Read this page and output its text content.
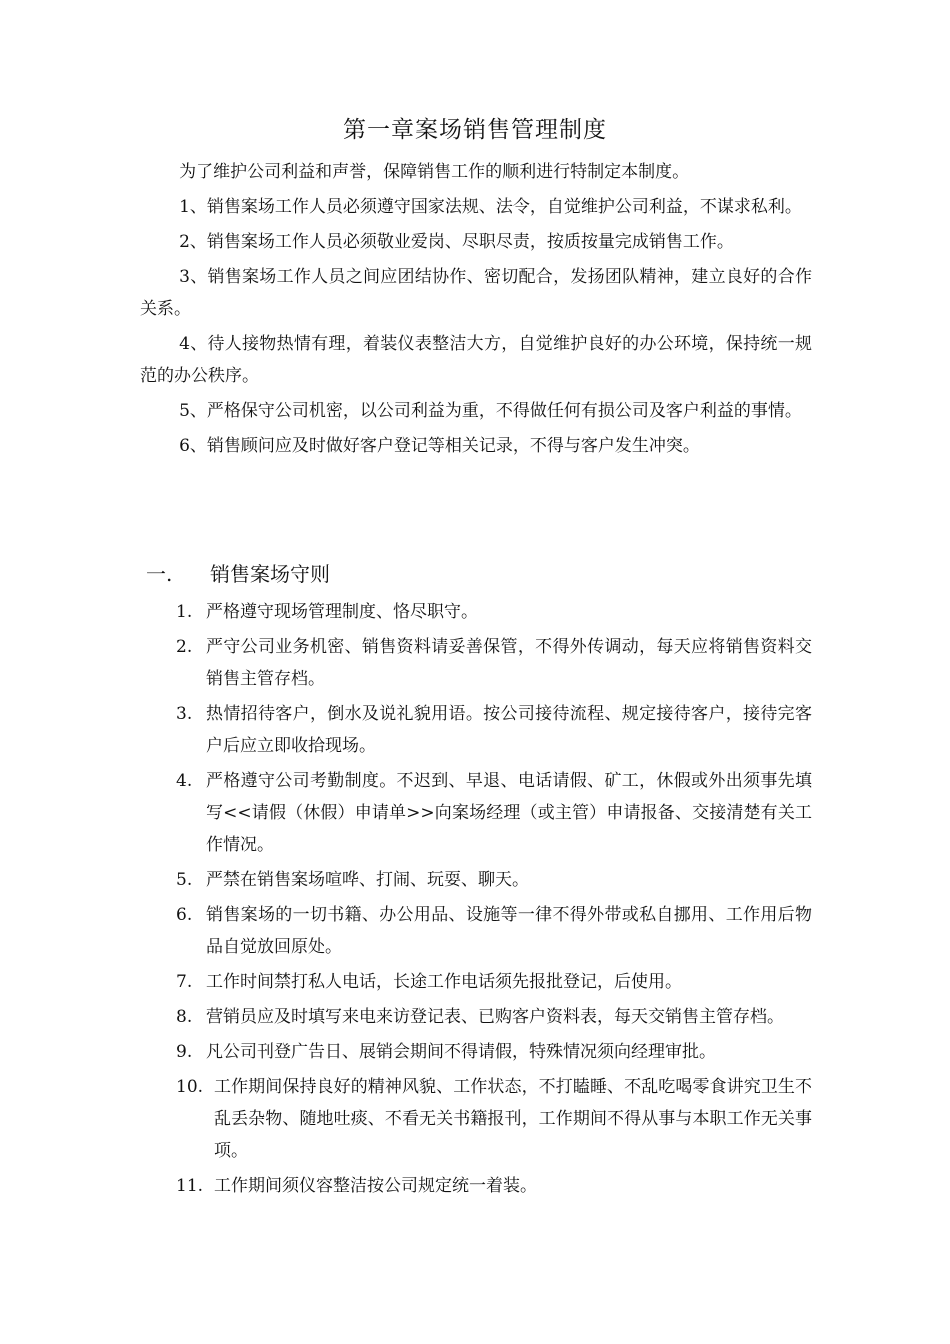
第一章案场销售管理制度

为了维护公司利益和声誉，保障销售工作的顺利进行特制定本制度。

1、销售案场工作人员必须遵守国家法规、法令，自觉维护公司利益，不谋求私利。

2、销售案场工作人员必须敬业爱岗、尽职尽责，按质按量完成销售工作。

3、销售案场工作人员之间应团结协作、密切配合，发扬团队精神，建立良好的合作关系。

4、待人接物热情有理，着装仪表整洁大方，自觉维护良好的办公环境，保持统一规范的办公秩序。

5、严格保守公司机密，以公司利益为重，不得做任何有损公司及客户利益的事情。

6、销售顾问应及时做好客户登记等相关记录，不得与客户发生冲突。

一. 销售案场守则
1. 严格遵守现场管理制度、恪尽职守。
2. 严守公司业务机密、销售资料请妥善保管，不得外传调动，每天应将销售资料交销售主管存档。
3. 热情招待客户，倒水及说礼貌用语。按公司接待流程、规定接待客户，接待完客户后应立即收拾现场。
4. 严格遵守公司考勤制度。不迟到、早退、电话请假、矿工，休假或外出须事先填写<<请假（休假）申请单>>向案场经理（或主管）申请报备、交接清楚有关工作情况。
5. 严禁在销售案场喧哗、打闹、玩耍、聊天。
6. 销售案场的一切书籍、办公用品、设施等一律不得外带或私自挪用、工作用后物品自觉放回原处。
7. 工作时间禁打私人电话，长途工作电话须先报批登记，后使用。
8. 营销员应及时填写来电来访登记表、已购客户资料表，每天交销售主管存档。
9. 凡公司刊登广告日、展销会期间不得请假，特殊情况须向经理审批。
10. 工作期间保持良好的精神风貌、工作状态，不打瞌睡、不乱吃喝零食讲究卫生不乱丢杂物、随地吐痰、不看无关书籍报刊，工作期间不得从事与本职工作无关事项。
11. 工作期间须仪容整洁按公司规定统一着装。
